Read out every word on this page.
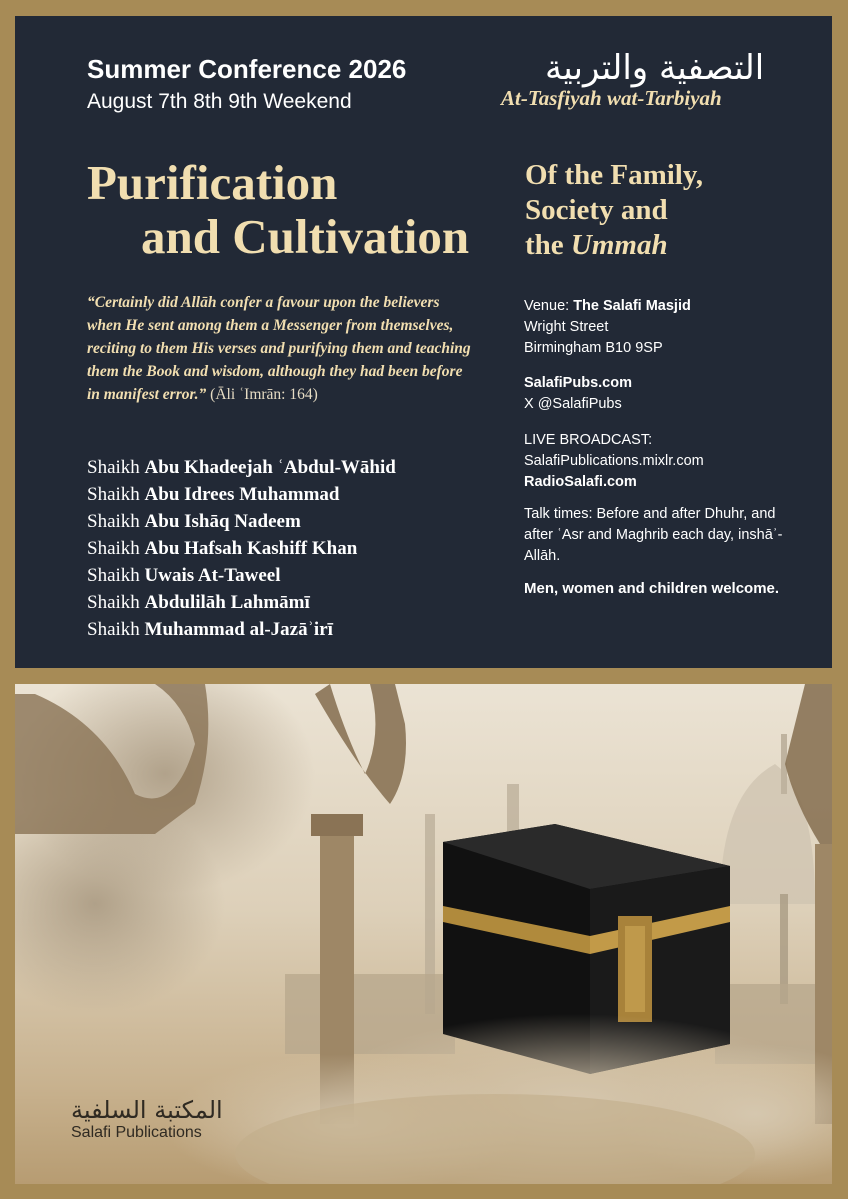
Summer Conference 2026
August 7th 8th 9th Weekend
التصفية والتربية
At-Tasfiyah wat-Tarbiyah
Purification
and Cultivation
Of the Family,
Society and
the Ummah
“Certainly did Allāh confer a favour upon the believers when He sent among them a Messenger from themselves, reciting to them His verses and purifying them and teaching them the Book and wisdom, although they had been before in manifest error.” (Āli ʿImrān: 164)
Shaikh Abu Khadeejah ʿAbdul-Wāhid
Shaikh Abu Idrees Muhammad
Shaikh Abu Ishāq Nadeem
Shaikh Abu Hafsah Kashiff Khan
Shaikh Uwais At-Taweel
Shaikh Abdulilāh Lahmāmī
Shaikh Muhammad al-Jazāʾirī
Venue: The Salafi Masjid
Wright Street
Birmingham B10 9SP
SalafiPubs.com
X @SalafiPubs
LIVE BROADCAST:
SalafiPublications.mixlr.com
RadioSalafi.com
Talk times: Before and after Dhuhr, and after ʿAsr and Maghrib each day, inshāʾ-Allāh.
Men, women and children welcome.
المكتبة السلفية
Salafi Publications
